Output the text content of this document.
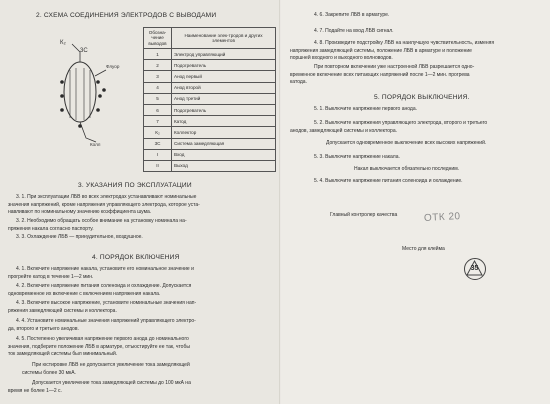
2. СХЕМА СОЕДИНЕНИЯ ЭЛЕКТРОДОВ С ВЫВОДАМИ
К₂
3С
Флуор
Колл
Обозна-чение выводов	Наименование элек-тродов и других элементов
1	Электрод управляющий
2	Подогреватель
3	Анод первый
4	Анод второй
5	Анод третий
6	Подогреватель
7	Катод
К₂	Коллектор
3С	Система замедляющая
I	Вход
II	Выход
3. УКАЗАНИЯ ПО ЭКСПЛУАТАЦИИ
3. 1. При эксплуатации ЛБВ во всех электродах устанавливают номинальные
значения напряжений, кроме напряжения управляющего электрода, которое уста-
навливают по номинальному значению коэффициента шума.
3. 2. Необходимо обращать особое внимание на установку номинала на-
пряжения накала согласно паспорту.
3. 3. Охлаждение ЛБВ — принудительное, воздушное.
4. ПОРЯДОК ВКЛЮЧЕНИЯ
4. 1. Включите напряжение накала, установите его номинальное значение и
прогрейте катод в течение 1—2 мин.
4. 2. Включите напряжение питания соленоида и охлаждение. Допускается
одновременное их включение с включением напряжения накала.
4. 3. Включите высокое напряжение, установите номинальные значения нап-
ряжения замедляющей системы и коллектора.
4. 4. Установите номинальные значения напряжений управляющего электро-
да, второго и третьего анодов.
4. 5. Постепенно увеличивая напряжение первого анода до номинального
значения, подберите положение ЛБВ в арматуре, отъюстируйте ее так, чтобы
ток замедляющей системы был минимальный.
При юстировке ЛБВ не допускается увеличение тока замедляющей
системы более 30 мкА.
Допускается увеличение тока замедляющей системы до 100 мкА на
время не более 1—2 с.
4. 6. Закрепите ЛБВ в арматуре.
4. 7. Подайте на вход ЛБВ сигнал.
4. 8. Произведите подстройку ЛБВ на наилучшую чувствительность, изменяя
напряжения замедляющей системы, положение ЛБВ в арматуре и положение
поршней входного и выходного волноводов.
При повторном включении уже настроенной ЛБВ разрешается одно-
временное включение всех питающих напряжений после 1—2 мин. прогрева
катода.
5. ПОРЯДОК ВЫКЛЮЧЕНИЯ.
5. 1. Выключите напряжение первого анода.
5. 2. Выключите напряжения управляющего электрода, второго и третьего
анодов, замедляющей системы и коллектора.
Допускается одновременное выключение всех высоких напряжений.
5. 3. Выключите напряжение накала.
Накал выключается обязательно последним.
5. 4. Выключите напряжение питания соленоида и охлаждение.
Главный контролер качества	ОТК 20
Место для клейма
35
